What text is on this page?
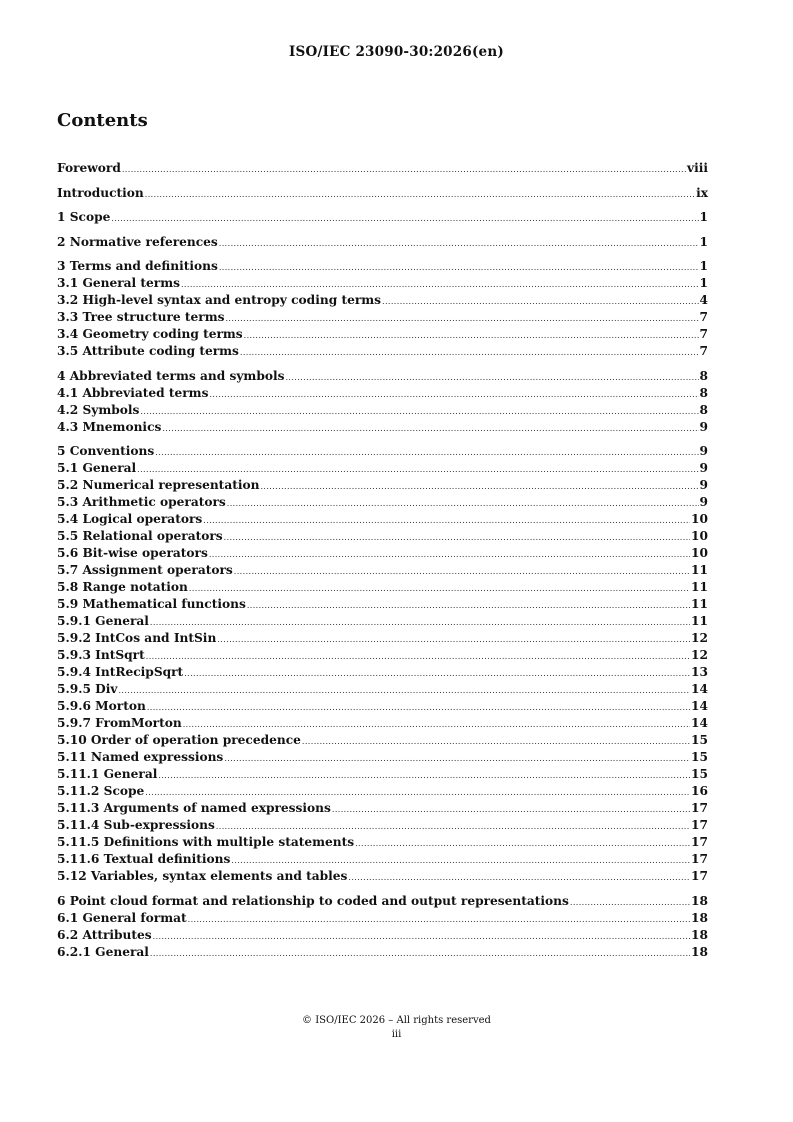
ISO/IEC 23090-30:2026(en)
Contents
Foreword .....	viii
Introduction .....	ix
1 Scope .....	1
2 Normative references .....	1
3 Terms and definitions .....	1
3.1 General terms .....	1
3.2 High-level syntax and entropy coding terms .....	4
3.3 Tree structure terms .....	7
3.4 Geometry coding terms .....	7
3.5 Attribute coding terms .....	7
4 Abbreviated terms and symbols .....	8
4.1 Abbreviated terms .....	8
4.2 Symbols .....	8
4.3 Mnemonics .....	9
5 Conventions .....	9
5.1 General .....	9
5.2 Numerical representation .....	9
5.3 Arithmetic operators .....	9
5.4 Logical operators .....	10
5.5 Relational operators .....	10
5.6 Bit-wise operators .....	10
5.7 Assignment operators .....	11
5.8 Range notation .....	11
5.9 Mathematical functions .....	11
5.9.1 General .....	11
5.9.2 IntCos and IntSin .....	12
5.9.3 IntSqrt .....	12
5.9.4 IntRecipSqrt .....	13
5.9.5 Div .....	14
5.9.6 Morton .....	14
5.9.7 FromMorton .....	14
5.10 Order of operation precedence .....	15
5.11 Named expressions .....	15
5.11.1 General .....	15
5.11.2 Scope .....	16
5.11.3 Arguments of named expressions .....	17
5.11.4 Sub-expressions .....	17
5.11.5 Definitions with multiple statements .....	17
5.11.6 Textual definitions .....	17
5.12 Variables, syntax elements and tables .....	17
6 Point cloud format and relationship to coded and output representations .....	18
6.1 General format .....	18
6.2 Attributes .....	18
6.2.1 General .....	18
© ISO/IEC 2026 – All rights reserved
iii
